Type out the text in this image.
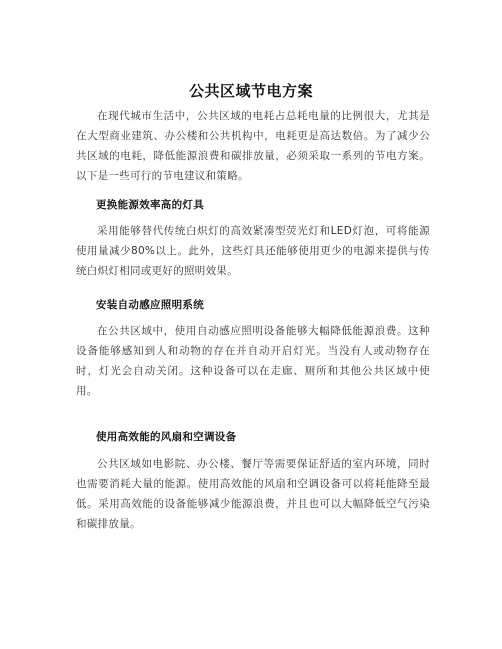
公共区域节电方案
在现代城市生活中，公共区域的电耗占总耗电量的比例很大，尤其是在大型商业建筑、办公楼和公共机构中，电耗更是高达数倍。为了减少公共区域的电耗，降低能源浪费和碳排放量，必须采取一系列的节电方案。以下是一些可行的节电建议和策略。
更换能源效率高的灯具
采用能够替代传统白炽灯的高效紧凑型荧光灯和LED灯泡，可将能源使用量减少80%以上。此外，这些灯具还能够使用更少的电源来提供与传统白炽灯相同或更好的照明效果。
安装自动感应照明系统
在公共区域中，使用自动感应照明设备能够大幅降低能源浪费。这种设备能够感知到人和动物的存在并自动开启灯光。当没有人或动物存在时，灯光会自动关闭。这种设备可以在走廊、厕所和其他公共区域中使用。
使用高效能的风扇和空调设备
公共区域如电影院、办公楼、餐厅等需要保证舒适的室内环境，同时也需要消耗大量的能源。使用高效能的风扇和空调设备可以将耗能降至最低。采用高效能的设备能够减少能源浪费，并且也可以大幅降低空气污染和碳排放量。
